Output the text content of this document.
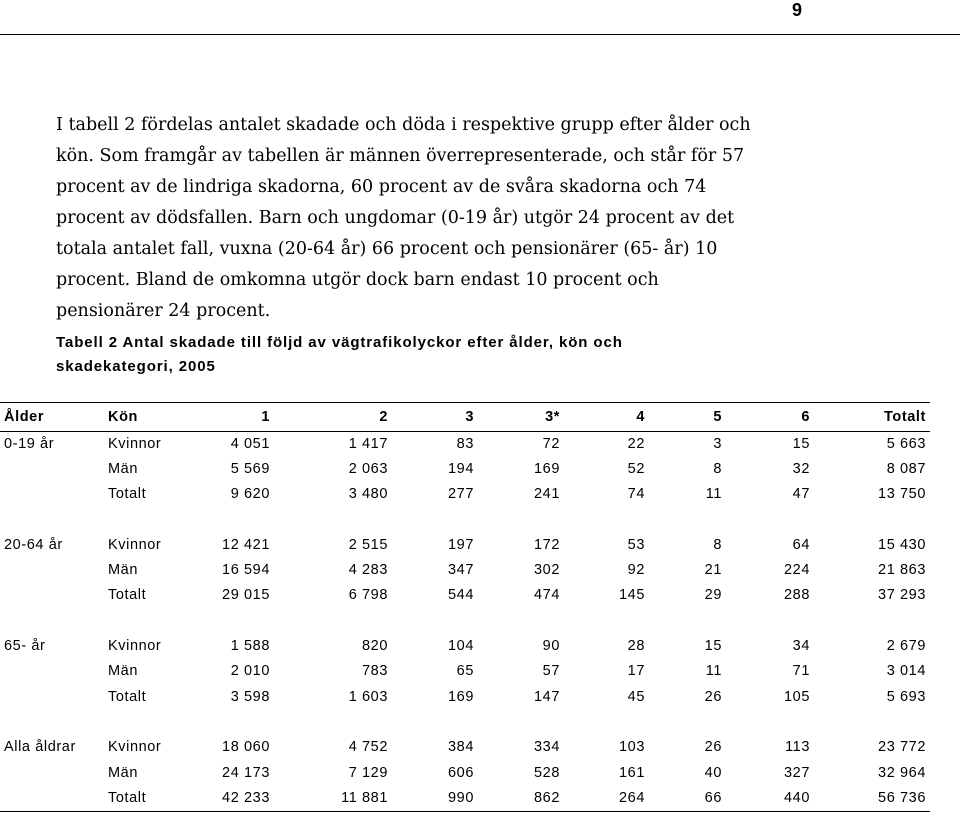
9
I tabell 2 fördelas antalet skadade och döda i respektive grupp efter ålder och
kön. Som framgår av tabellen är männen överrepresenterade, och står för 57
procent av de lindriga skadorna, 60 procent av de svåra skadorna och 74
procent av dödsfallen. Barn och ungdomar (0-19 år) utgör 24 procent av det
totala antalet fall, vuxna (20-64 år) 66 procent och pensionärer (65- år) 10
procent. Bland de omkomna utgör dock barn endast 10 procent och
pensionärer 24 procent.
Tabell 2 Antal skadade till följd av vägtrafikolyckor efter ålder, kön och
skadekategori, 2005
Ålder	Kön	1	2	3	3*	4	5	6	Totalt
0-19 år	Kvinnor	4 051	1 417	83	72	22	3	15	5 663
	Män	5 569	2 063	194	169	52	8	32	8 087
	Totalt	9 620	3 480	277	241	74	11	47	13 750

20-64 år	Kvinnor	12 421	2 515	197	172	53	8	64	15 430
	Män	16 594	4 283	347	302	92	21	224	21 863
	Totalt	29 015	6 798	544	474	145	29	288	37 293

65- år	Kvinnor	1 588	820	104	90	28	15	34	2 679
	Män	2 010	783	65	57	17	11	71	3 014
	Totalt	3 598	1 603	169	147	45	26	105	5 693

Alla åldrar	Kvinnor	18 060	4 752	384	334	103	26	113	23 772
	Män	24 173	7 129	606	528	161	40	327	32 964
	Totalt	42 233	11 881	990	862	264	66	440	56 736
